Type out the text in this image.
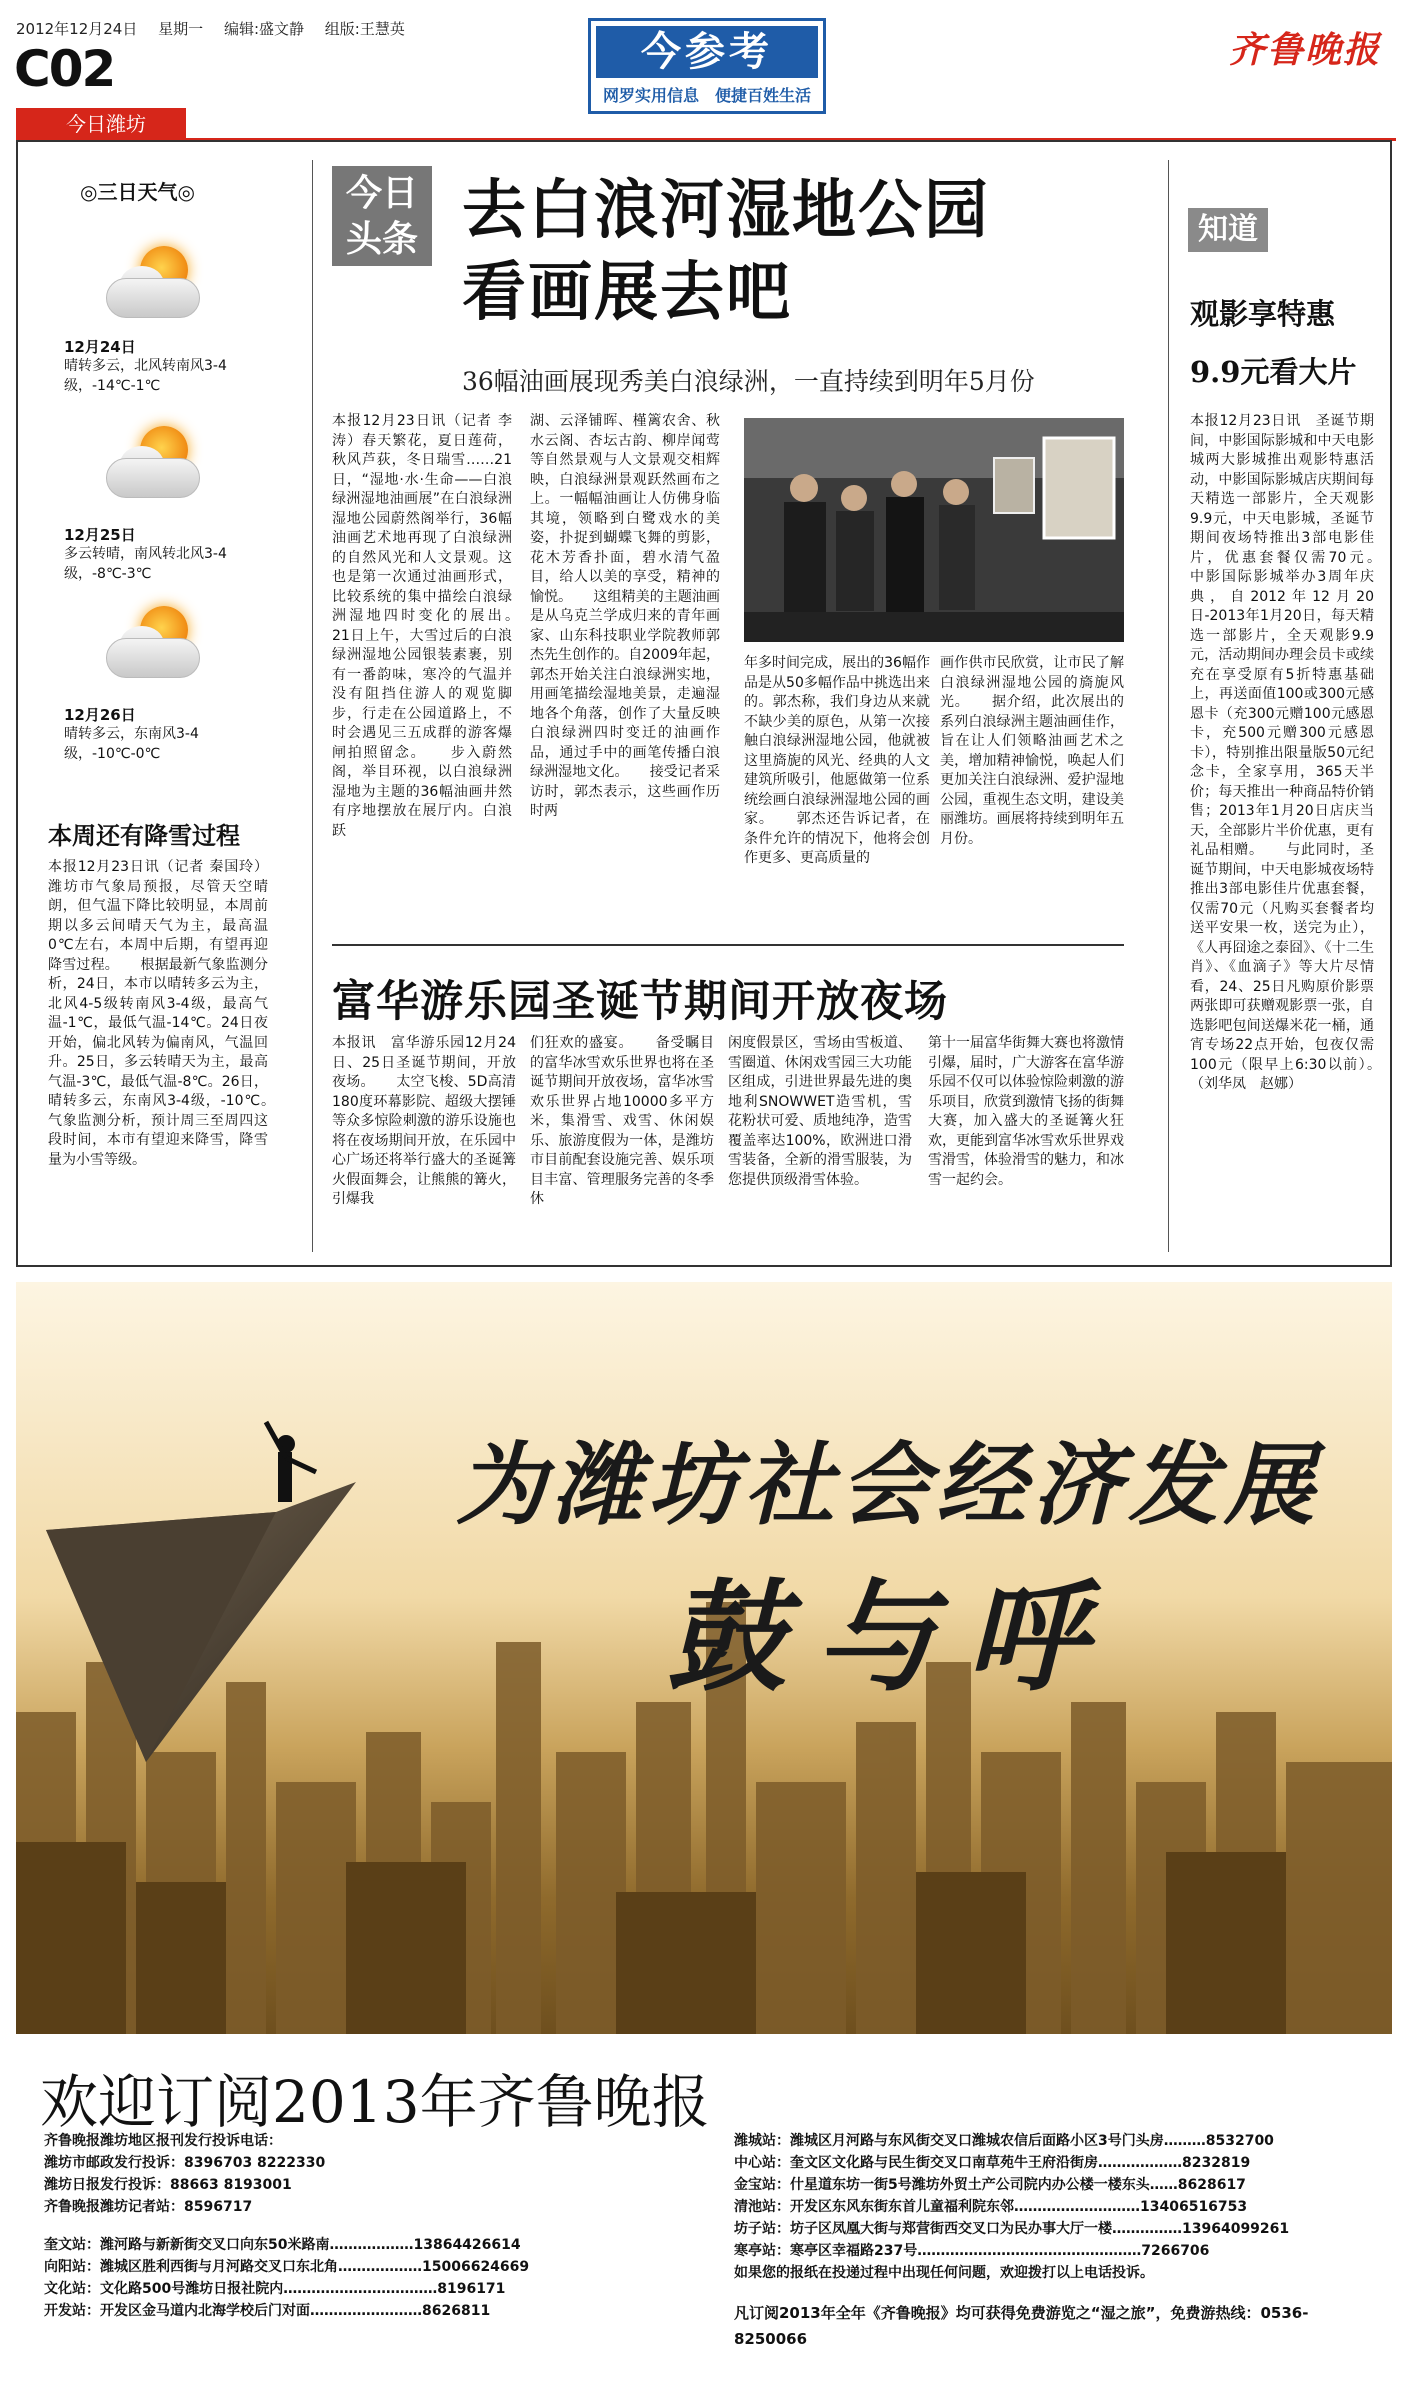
2012年12月24日 星期一 编辑:盛文静 组版:王慧英
C02
今日潍坊
今参考
网罗实用信息　便捷百姓生活
齐鲁晚报
◎三日天气◎
12月24日
晴转多云，北风转南风3-4级，-14℃-1℃
12月25日
多云转晴，南风转北风3-4级，-8℃-3℃
12月26日
晴转多云，东南风3-4级，-10℃-0℃
本周还有降雪过程
本报12月23日讯（记者 秦国玲）潍坊市气象局预报，尽管天空晴朗，但气温下降比较明显，本周前期以多云间晴天气为主，最高温0℃左右，本周中后期，有望再迎降雪过程。　　根据最新气象监测分析，24日，本市以晴转多云为主，北风4-5级转南风3-4级，最高气温-1℃，最低气温-14℃。24日夜开始，偏北风转为偏南风，气温回升。25日，多云转晴天为主，最高气温-3℃，最低气温-8℃。26日，晴转多云，东南风3-4级，-10℃。　　气象监测分析，预计周三至周四这段时间，本市有望迎来降雪，降雪量为小雪等级。
今日头条 去白浪河湿地公园
看画展去吧
36幅油画展现秀美白浪绿洲，一直持续到明年5月份
本报12月23日讯（记者 李涛）春天繁花，夏日莲荷，秋风芦荻，冬日瑞雪……21日，“湿地·水·生命——白浪绿洲湿地油画展”在白浪绿洲湿地公园蔚然阁举行，36幅油画艺术地再现了白浪绿洲的自然风光和人文景观。这也是第一次通过油画形式，比较系统的集中描绘白浪绿洲湿地四时变化的展出。　　21日上午，大雪过后的白浪绿洲湿地公园银装素裹，别有一番韵味，寒冷的气温并没有阻挡住游人的观览脚步，行走在公园道路上，不时会遇见三五成群的游客爆闸拍照留念。　　步入蔚然阁，举目环视，以白浪绿洲湿地为主题的36幅油画井然有序地摆放在展厅内。白浪跃
湖、云泽铺晖、槿篱农舍、秋水云阁、杏坛古韵、柳岸闻莺等自然景观与人文景观交相辉映，白浪绿洲景观跃然画布之上。一幅幅油画让人仿佛身临其境，领略到白鹭戏水的美姿，扑捉到蝴蝶飞舞的剪影，花木芳香扑面，碧水清气盈目，给人以美的享受，精神的愉悦。　　这组精美的主题油画是从乌克兰学成归来的青年画家、山东科技职业学院教师郭杰先生创作的。自2009年起，郭杰开始关注白浪绿洲实地，用画笔描绘湿地美景，走遍湿地各个角落，创作了大量反映白浪绿洲四时变迁的油画作品，通过手中的画笔传播白浪绿洲湿地文化。　　接受记者采访时，郭杰表示，这些画作历时两
年多时间完成，展出的36幅作品是从50多幅作品中挑选出来的。郭杰称，我们身边从来就不缺少美的原色，从第一次接触白浪绿洲湿地公园，他就被这里旖旎的风光、经典的人文建筑所吸引，他愿做第一位系统绘画白浪绿洲湿地公园的画家。　　郭杰还告诉记者，在条件允许的情况下，他将会创作更多、更高质量的
画作供市民欣赏，让市民了解白浪绿洲湿地公园的旖旎风光。　　据介绍，此次展出的系列白浪绿洲主题油画佳作，旨在让人们领略油画艺术之美，增加精神愉悦，唤起人们更加关注白浪绿洲、爱护湿地公园，重视生态文明，建设美丽潍坊。画展将持续到明年五月份。
富华游乐园圣诞节期间开放夜场
本报讯　富华游乐园12月24日、25日圣诞节期间，开放夜场。　　太空飞梭、5D高清180度环幕影院、超级大摆锤等众多惊险刺激的游乐设施也将在夜场期间开放，在乐园中心广场还将举行盛大的圣诞篝火假面舞会，让熊熊的篝火，引爆我
们狂欢的盛宴。　　备受瞩目的富华冰雪欢乐世界也将在圣诞节期间开放夜场，富华冰雪欢乐世界占地10000多平方米，集滑雪、戏雪、休闲娱乐、旅游度假为一体，是潍坊市目前配套设施完善、娱乐项目丰富、管理服务完善的冬季休
闲度假景区，雪场由雪板道、雪圈道、休闲戏雪园三大功能区组成，引进世界最先进的奥地利SNOWWET造雪机，雪花粉状可爱、质地纯净，造雪覆盖率达100%，欧洲进口滑雪装备，全新的滑雪服装，为您提供顶级滑雪体验。
第十一届富华街舞大赛也将激情引爆，届时，广大游客在富华游乐园不仅可以体验惊险刺激的游乐项目，欣赏到激情飞扬的街舞大赛，加入盛大的圣诞篝火狂欢，更能到富华冰雪欢乐世界戏雪滑雪，体验滑雪的魅力，和冰雪一起约会。
知道
观影享特惠
9.9元看大片
本报12月23日讯　圣诞节期间，中影国际影城和中天电影城两大影城推出观影特惠活动，中影国际影城店庆期间每天精选一部影片，全天观影9.9元，中天电影城，圣诞节期间夜场特推出3部电影佳片，优惠套餐仅需70元。　　中影国际影城举办3周年庆典，自2012年12月20日-2013年1月20日，每天精选一部影片，全天观影9.9元，活动期间办理会员卡或续充在享受原有5折特惠基础上，再送面值100或300元感恩卡（充300元赠100元感恩卡，充500元赠300元感恩卡），特别推出限量版50元纪念卡，全家享用，365天半价；每天推出一种商品特价销售；2013年1月20日店庆当天，全部影片半价优惠，更有礼品相赠。　　与此同时，圣诞节期间，中天电影城夜场特推出3部电影佳片优惠套餐，仅需70元（凡购买套餐者均送平安果一枚，送完为止），《人再囧途之泰囧》、《十二生肖》、《血滴子》等大片尽情看，24、25日凡购原价影票两张即可获赠观影票一张，自选影吧包间送爆米花一桶，通宵专场22点开始，包夜仅需100元（限早上6:30以前）。　（刘华凤　赵娜）
为潍坊社会经济发展
鼓与呼
欢迎订阅2013年齐鲁晚报
齐鲁晚报潍坊地区报刊发行投诉电话：
潍坊市邮政发行投诉：8396703 8222330
潍坊日报发行投诉：88663 8193001
齐鲁晚报潍坊记者站：8596717
奎文站：潍河路与新新街交叉口向东50米路南………………13864426614
向阳站：潍城区胜利西街与月河路交叉口东北角………………15006624669
文化站：文化路500号潍坊日报社院内……………………………8196171
开发站：开发区金马道内北海学校后门对面……………………8626811
潍城站：潍城区月河路与东风街交叉口潍城农信后面路小区3号门头房………8532700
中心站：奎文区文化路与民生街交叉口南草苑牛王府沿街房………………8232819
金宝站：什星道东坊一街5号潍坊外贸土产公司院内办公楼一楼东头……8628617
清池站：开发区东风东街东首儿童福利院东邻………………………13406516753
坊子站：坊子区凤凰大街与郑营街西交叉口为民办事大厅一楼……………13964099261
寒亭站：寒亭区幸福路237号…………………………………………7266706
如果您的报纸在投递过程中出现任何问题，欢迎拨打以上电话投诉。
凡订阅2013年全年《齐鲁晚报》均可获得免费游览之“湿之旅”，免费游热线：0536-8250066
